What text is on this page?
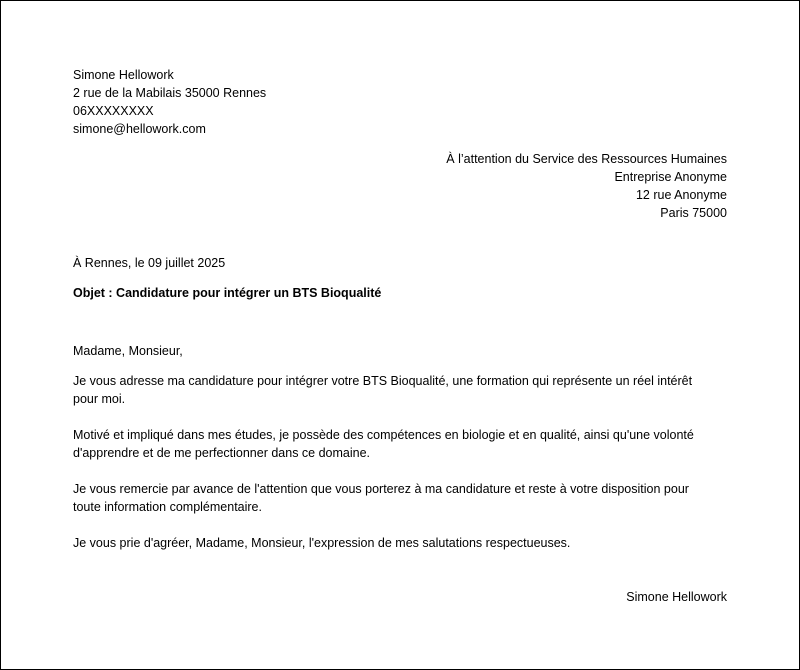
Simone Hellowork
2 rue de la Mabilais 35000 Rennes
06XXXXXXXX
simone@hellowork.com
À l’attention du Service des Ressources Humaines
Entreprise Anonyme
12 rue Anonyme
Paris 75000
À Rennes, le 09 juillet 2025
Objet : Candidature pour intégrer un BTS Bioqualité
Madame, Monsieur,
Je vous adresse ma candidature pour intégrer votre BTS Bioqualité, une formation qui représente un réel intérêt
pour moi.
Motivé et impliqué dans mes études, je possède des compétences en biologie et en qualité, ainsi qu'une volonté
d'apprendre et de me perfectionner dans ce domaine.
Je vous remercie par avance de l'attention que vous porterez à ma candidature et reste à votre disposition pour
toute information complémentaire.
Je vous prie d'agréer, Madame, Monsieur, l'expression de mes salutations respectueuses.
Simone Hellowork
